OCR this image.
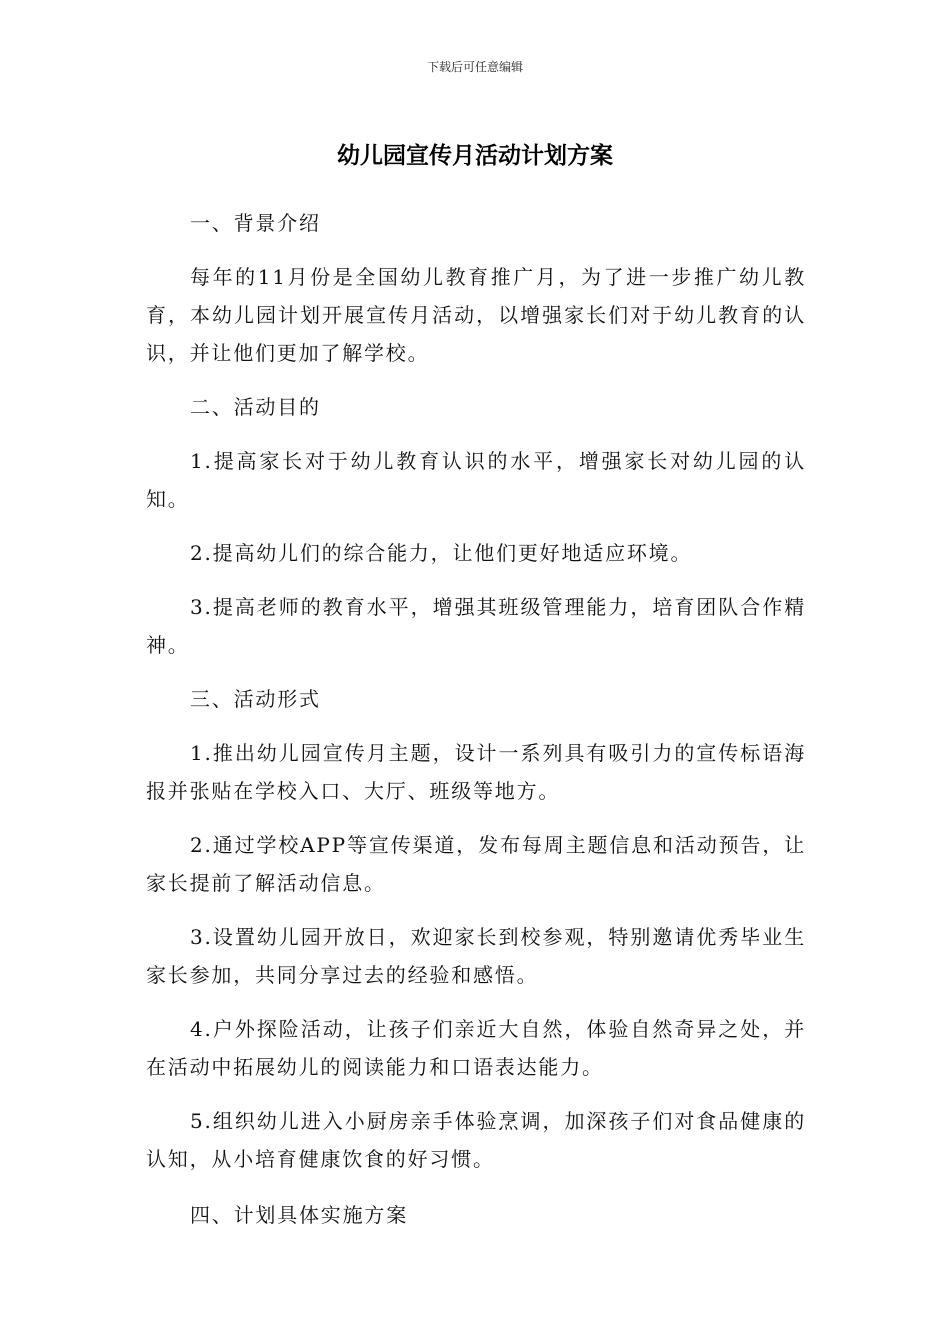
下载后可任意编辑
幼儿园宣传月活动计划方案

一、背景介绍

每年的11月份是全国幼儿教育推广月，为了进一步推广幼儿教育，本幼儿园计划开展宣传月活动，以增强家长们对于幼儿教育的认识，并让他们更加了解学校。

二、活动目的

1.提高家长对于幼儿教育认识的水平，增强家长对幼儿园的认知。

2.提高幼儿们的综合能力，让他们更好地适应环境。

3.提高老师的教育水平，增强其班级管理能力，培育团队合作精神。

三、活动形式

1.推出幼儿园宣传月主题，设计一系列具有吸引力的宣传标语海报并张贴在学校入口、大厅、班级等地方。

2.通过学校APP等宣传渠道，发布每周主题信息和活动预告，让家长提前了解活动信息。

3.设置幼儿园开放日，欢迎家长到校参观，特别邀请优秀毕业生家长参加，共同分享过去的经验和感悟。

4.户外探险活动，让孩子们亲近大自然，体验自然奇异之处，并在活动中拓展幼儿的阅读能力和口语表达能力。

5.组织幼儿进入小厨房亲手体验烹调，加深孩子们对食品健康的认知，从小培育健康饮食的好习惯。

四、计划具体实施方案
